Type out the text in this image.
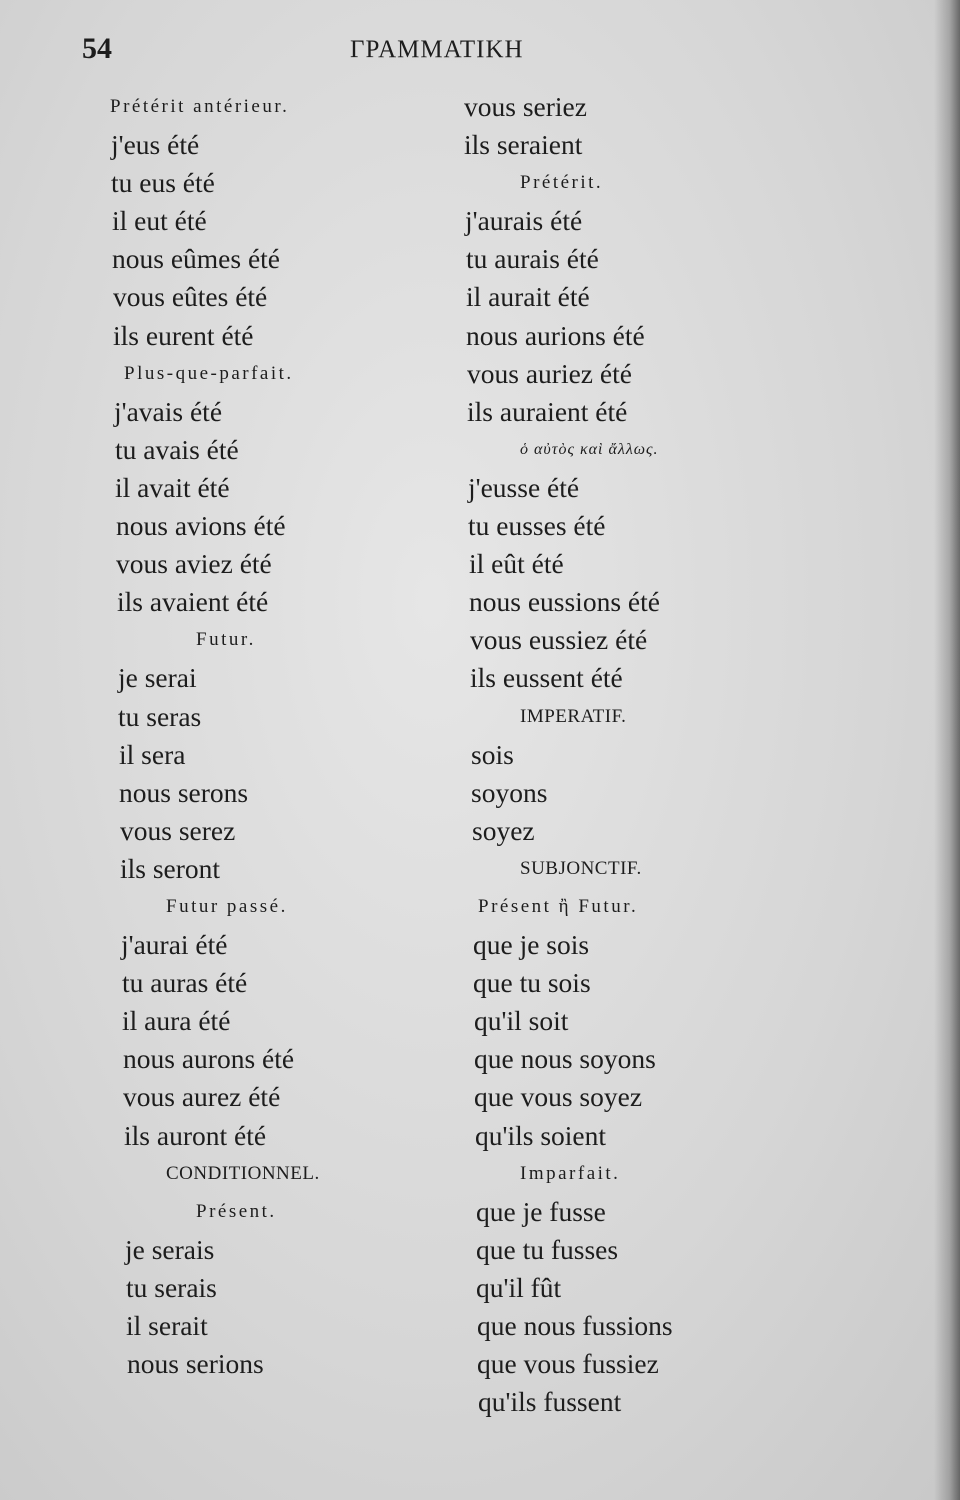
54	ΓΡΑΜΜΑΤΙΚΗ
Prétérit antérieur.
j'eus été
tu eus été
il eut été
nous eûmes été
vous eûtes été
ils eurent été
Plus-que-parfait.
j'avais été
tu avais été
il avait été
nous avions été
vous aviez été
ils avaient été
Futur.
je serai
tu seras
il sera
nous serons
vous serez
ils seront
Futur passé.
j'aurai été
tu auras été
il aura été
nous aurons été
vous aurez été
ils auront été
CONDITIONNEL.
Présent.
je serais
tu serais
il serait
nous serions
vous seriez
ils seraient
Prétérit.
j'aurais été
tu aurais été
il aurait été
nous aurions été
vous auriez été
ils auraient été
ὁ αὐτὸς καὶ ἄλλως.
j'eusse été
tu eusses été
il eût été
nous eussions été
vous eussiez été
ils eussent été
IMPERATIF.
sois
soyons
soyez
SUBJONCTIF.
Présent ἢ Futur.
que je sois
que tu sois
qu'il soit
que nous soyons
que vous soyez
qu'ils soient
Imparfait.
que je fusse
que tu fusses
qu'il fût
que nous fussions
que vous fussiez
qu'ils fussent
